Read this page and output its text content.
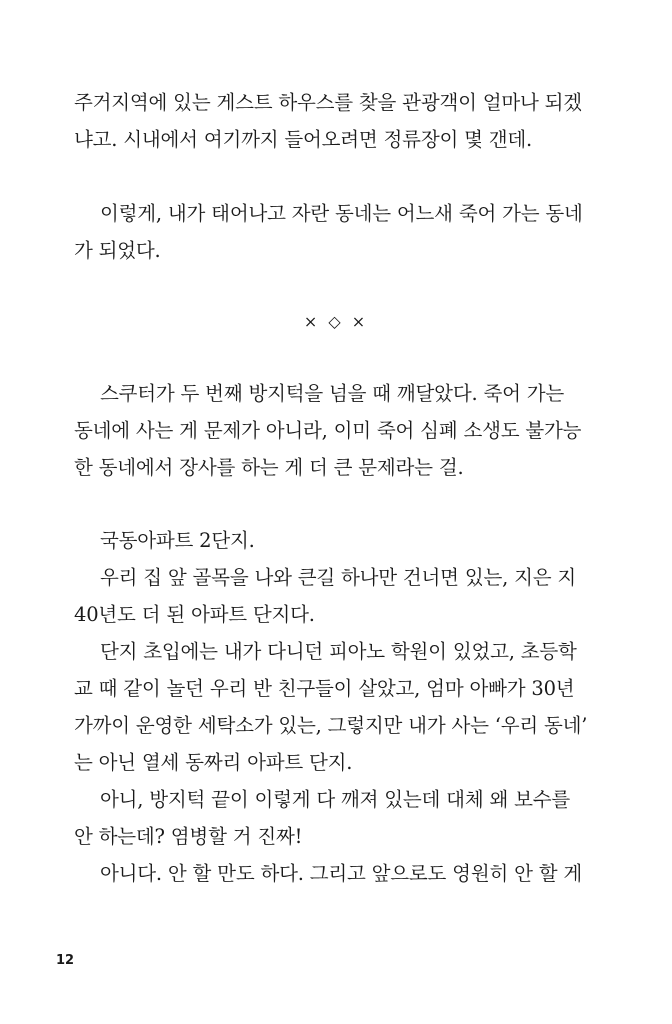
주거지역에 있는 게스트 하우스를 찾을 관광객이 얼마나 되겠
냐고. 시내에서 여기까지 들어오려면 정류장이 몇 갠데.
이렇게, 내가 태어나고 자란 동네는 어느새 죽어 가는 동네
가 되었다.
× ◇ ×
스쿠터가 두 번째 방지턱을 넘을 때 깨달았다. 죽어 가는
동네에 사는 게 문제가 아니라, 이미 죽어 심폐 소생도 불가능
한 동네에서 장사를 하는 게 더 큰 문제라는 걸.
국동아파트 2단지.
우리 집 앞 골목을 나와 큰길 하나만 건너면 있는, 지은 지
40년도 더 된 아파트 단지다.
단지 초입에는 내가 다니던 피아노 학원이 있었고, 초등학
교 때 같이 놀던 우리 반 친구들이 살았고, 엄마 아빠가 30년
가까이 운영한 세탁소가 있는, 그렇지만 내가 사는 ‘우리 동네’
는 아닌 열세 동짜리 아파트 단지.
아니, 방지턱 끝이 이렇게 다 깨져 있는데 대체 왜 보수를
안 하는데? 염병할 거 진짜!
아니다. 안 할 만도 하다. 그리고 앞으로도 영원히 안 할 게
12
